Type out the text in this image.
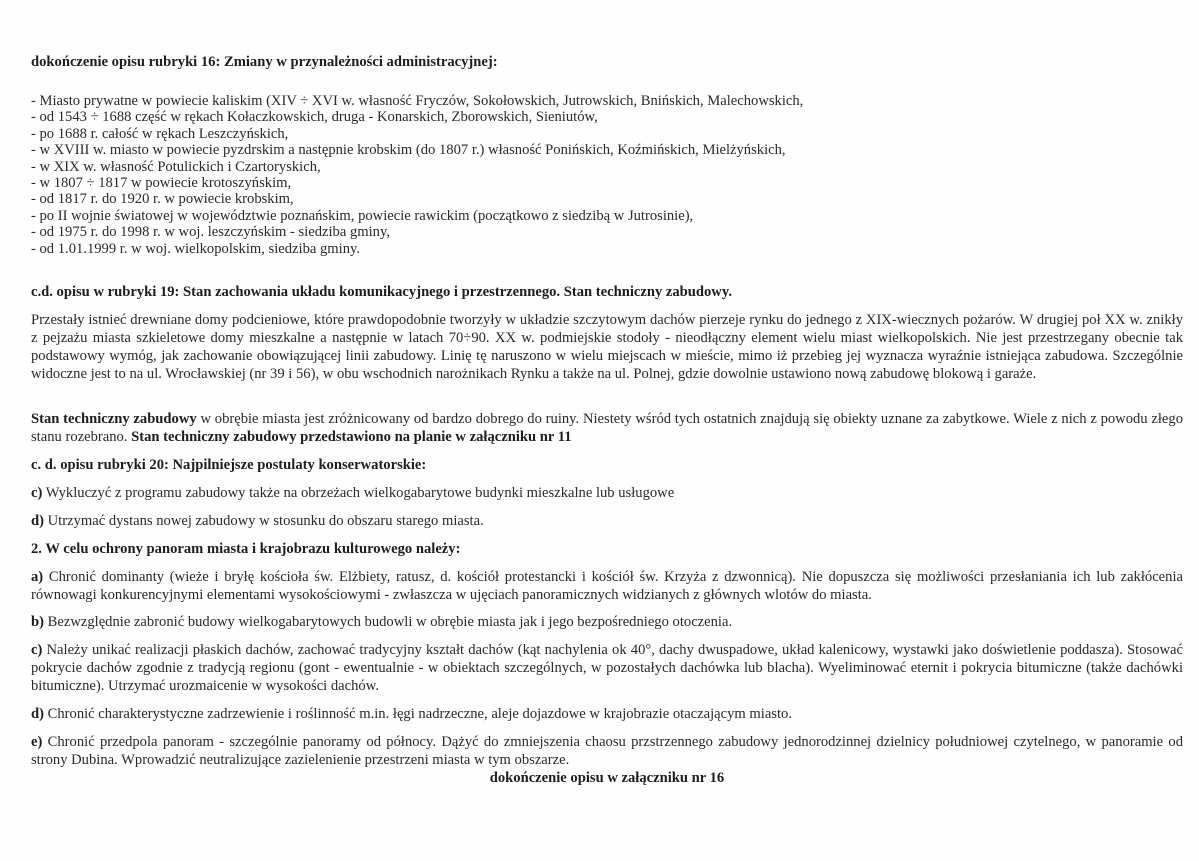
dokończenie opisu rubryki 16: Zmiany w przynależności administracyjnej:
- Miasto prywatne w powiecie kaliskim (XIV ÷ XVI w. własność Fryczów, Sokołowskich, Jutrowskich, Bnińskich, Malechowskich,
- od 1543 ÷ 1688 część w rękach Kołaczkowskich, druga - Konarskich, Zborowskich, Sieniutów,
- po 1688 r. całość w rękach Leszczyńskich,
- w XVIII w. miasto w powiecie pyzdrskim a następnie krobskim (do 1807 r.) własność Ponińskich, Koźmińskich, Mielżyńskich,
- w XIX w. własność Potulickich i Czartoryskich,
- w 1807 ÷ 1817 w powiecie krotoszyńskim,
- od 1817 r. do 1920 r. w powiecie krobskim,
- po II wojnie światowej w województwie poznańskim, powiecie rawickim (początkowo z siedzibą w Jutrosinie),
- od 1975 r. do 1998 r. w woj. leszczyńskim - siedziba gminy,
- od 1.01.1999 r. w woj. wielkopolskim, siedziba gminy.
c.d. opisu w rubryki 19: Stan zachowania układu komunikacyjnego i przestrzennego. Stan techniczny zabudowy.
Przestały istnieć drewniane domy podcieniowe, które prawdopodobnie tworzyły w układzie szczytowym dachów pierzeje rynku do jednego z XIX-wiecznych pożarów. W drugiej poł XX w. znikły z pejzażu miasta szkieletowe domy mieszkalne a następnie w latach 70÷90. XX w. podmiejskie stodoły - nieodłączny element wielu miast wielkopolskich. Nie jest przestrzegany obecnie tak podstawowy wymóg, jak zachowanie obowiązującej linii zabudowy. Linię tę naruszono w wielu miejscach w mieście, mimo iż przebieg jej wyznacza wyraźnie istniejąca zabudowa. Szczególnie widoczne jest to na ul. Wrocławskiej (nr 39 i 56), w obu wschodnich narożnikach Rynku a także na ul. Polnej, gdzie dowolnie ustawiono nową zabudowę blokową i garaże.
Stan techniczny zabudowy w obrębie miasta jest zróżnicowany od bardzo dobrego do ruiny. Niestety wśród tych ostatnich znajdują się obiekty uznane za zabytkowe. Wiele z nich z powodu złego stanu rozebrano. Stan techniczny zabudowy przedstawiono na planie w załączniku nr 11
c. d. opisu rubryki 20: Najpilniejsze postulaty konserwatorskie:
c) Wykluczyć z programu zabudowy także na obrzeżach wielkogabarytowe budynki mieszkalne lub usługowe
d) Utrzymać dystans nowej zabudowy w stosunku do obszaru starego miasta.
2. W celu ochrony panoram miasta i krajobrazu kulturowego należy:
a) Chronić dominanty (wieże i bryłę kościoła św. Elżbiety, ratusz, d. kościół protestancki i kościół św. Krzyża z dzwonnicą). Nie dopuszcza się możliwości przesłaniania ich lub zakłócenia równowagi konkurencyjnymi elementami wysokościowymi - zwłaszcza w ujęciach panoramicznych widzianych z głównych wlotów do miasta.
b) Bezwzględnie zabronić budowy wielkogabarytowych budowli w obrębie miasta jak i jego bezpośredniego otoczenia.
c) Należy unikać realizacji płaskich dachów, zachować tradycyjny kształt dachów (kąt nachylenia ok 40°, dachy dwuspadowe, układ kalenicowy, wystawki jako doświetlenie poddasza). Stosować pokrycie dachów zgodnie z tradycją regionu (gont - ewentualnie - w obiektach szczególnych, w pozostałych dachówka lub blacha). Wyeliminować eternit i pokrycia bitumiczne (także dachówki bitumiczne). Utrzymać urozmaicenie w wysokości dachów.
d) Chronić charakterystyczne zadrzewienie i roślinność m.in. łęgi nadrzeczne, aleje dojazdowe w krajobrazie otaczającym miasto.
e) Chronić przedpola panoram - szczególnie panoramy od północy. Dążyć do zmniejszenia chaosu przstrzennego zabudowy jednorodzinnej dzielnicy południowej czytelnego, w panoramie od strony Dubina. Wprowadzić neutralizujące zazielenienie przestrzeni miasta w tym obszarze.
dokończenie opisu w załączniku nr 16
